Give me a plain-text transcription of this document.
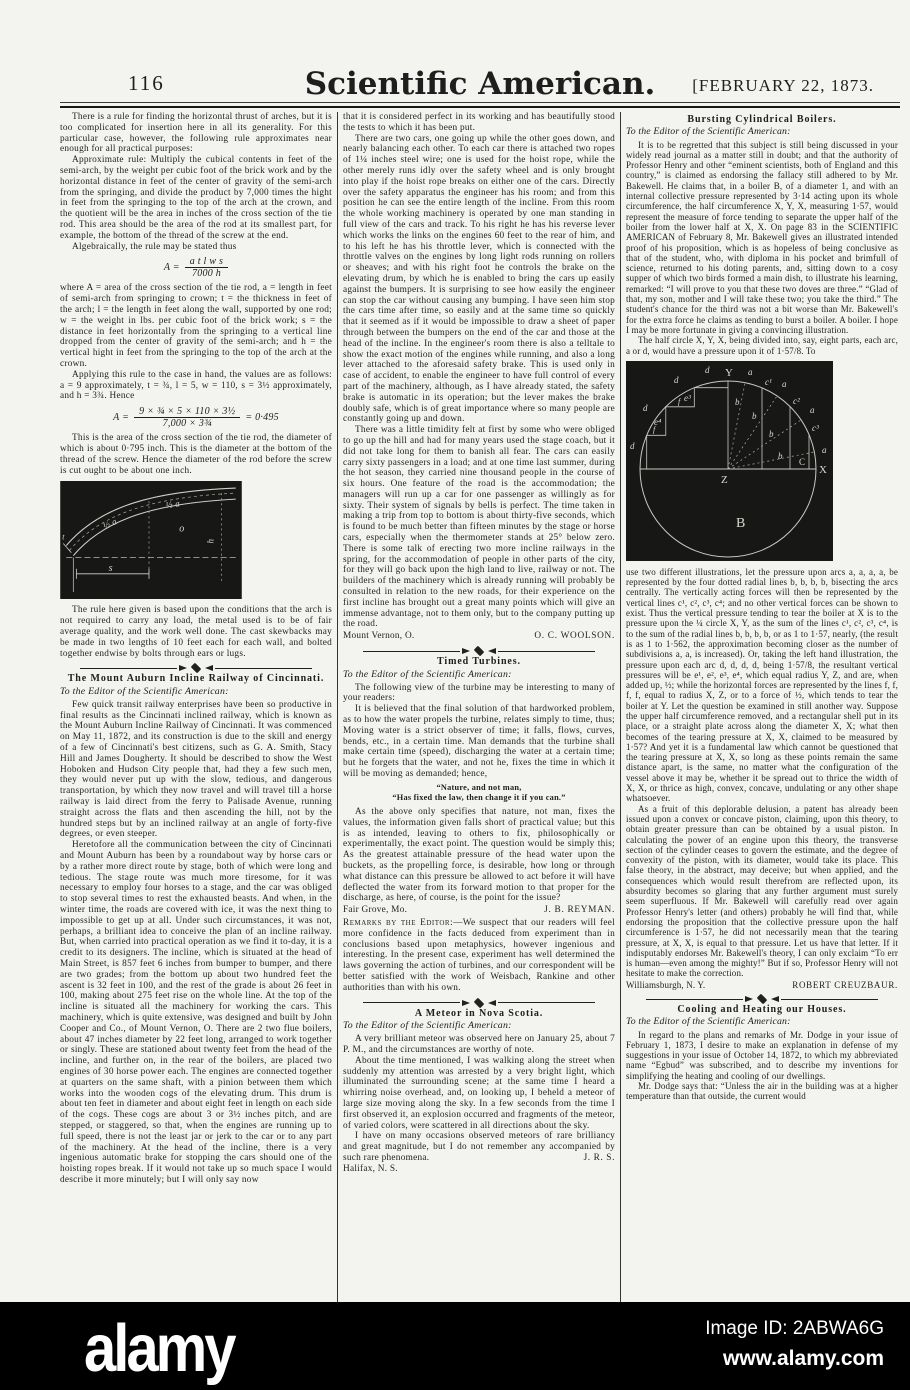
116	Scientific American.	[FEBRUARY 22, 1873.

There is a rule for finding the horizontal thrust of arches, but it is too complicated for insertion here in all its generality. For this particular case, however, the following rule approximates near enough for all practical purposes:

Approximate rule: Multiply the cubical contents in feet of the semi-arch, by the weight per cubic foot of the brick work and by the horizontal distance in feet of the center of gravity of the semi-arch from the springing, and divide the product by 7,000 times the hight in feet from the springing to the top of the arch at the crown, and the quotient will be the area in inches of the cross section of the tie rod. This area should be the area of the rod at its smallest part, for example, the bottom of the thread of the screw at the end.

Algebraically, the rule may be stated thus

$A = \frac{\text{a t l w s}}{7000 h}$

where A = area of the cross section of the tie rod, a = length in feet of semi-arch from springing to crown; t = the thickness in feet of the arch; l = the length in feet along the wall, supported by one rod; w = the weight in lbs. per cubic foot of the brick work; s = the distance in feet horizontally from the springing to a vertical line dropped from the center of gravity of the semi-arch; and h = the vertical hight in feet from the springing to the top of the arch at the crown.

Applying this rule to the case in hand, the values are as follows: a = 9 approximately, t = ¾, l = 5, w = 110, s = 3½ approximately, and h = 3¾. Hence

$A = \frac{\text{9 × ¾ × 5 × 110 × 3½}}{\text{7,000 × 3¾}} = 0\cdot 495$

This is the area of the cross section of the tie rod, the diameter of which is about 0·795 inch. This is the diameter at the bottom of the thread of the screw. Hence the diameter of the rod before the screw is cut ought to be about one inch.

½ a
½ a
o
h
s
t

The rule here given is based upon the conditions that the arch is not required to carry any load, the metal used is to be of fair average quality, and the work well done. The cast skewbacks may be made in two lengths of 10 feet each for each wall, and bolted together endwise by bolts through ears or lugs.

The Mount Auburn Incline Railway of Cincinnati.
To the Editor of the Scientific American:

Few quick transit railway enterprises have been so productive in final results as the Cincinnati inclined railway, which is known as the Mount Auburn Incline Railway of Cincinnati. It was commenced on May 11, 1872, and its construction is due to the skill and energy of a few of Cincinnati's best citizens, such as G. A. Smith, Stacy Hill and James Dougherty. It should be described to show the West Hoboken and Hudson City people that, had they a few such men, they would never put up with the slow, tedious, and dangerous transportation, by which they now travel and will travel till a horse railway is laid direct from the ferry to Palisade Avenue, running straight across the flats and then ascending the hill, not by the hundred steps but by an inclined railway at an angle of forty-five degrees, or even steeper.

Heretofore all the communication between the city of Cincinnati and Mount Auburn has been by a roundabout way by horse cars or by a rather more direct route by stage, both of which were long and tedious. The stage route was much more tiresome, for it was necessary to employ four horses to a stage, and the car was obliged to stop several times to rest the exhausted beasts. And when, in the winter time, the roads are covered with ice, it was the next thing to impossible to get up at all. Under such circumstances, it was not, perhaps, a brilliant idea to conceive the plan of an incline railway. But, when carried into practical operation as we find it to-day, it is a credit to its designers. The incline, which is situated at the head of Main Street, is 857 feet 6 inches from bumper to bumper, and there are two grades; from the bottom up about two hundred feet the ascent is 32 feet in 100, and the rest of the grade is about 26 feet in 100, making about 275 feet rise on the whole line. At the top of the incline is situated all the machinery for working the cars. This machinery, which is quite extensive, was designed and built by John Cooper and Co., of Mount Vernon, O. There are 2 two flue boilers, about 47 inches diameter by 22 feet long, arranged to work together or singly. These are stationed about twenty feet from the head of the incline, and further on, in the rear of the boilers, are placed two engines of 30 horse power each. The engines are connected together at quarters on the same shaft, with a pinion between them which works into the wooden cogs of the elevating drum. This drum is about ten feet in diameter and about eight feet in length on each side of the cogs. These cogs are about 3 or 3½ inches pitch, and are stepped, or staggered, so that, when the engines are running up to full speed, there is not the least jar or jerk to the car or to any part of the machinery. At the head of the incline, there is a very ingenious automatic brake for stopping the cars should one of the hoisting ropes break. If it would not take up so much space I would describe it more minutely; but I will only say now

that it is considered perfect in its working and has beautifully stood the tests to which it has been put.

There are two cars, one going up while the other goes down, and nearly balancing each other. To each car there is attached two ropes of 1¼ inches steel wire; one is used for the hoist rope, while the other merely runs idly over the safety wheel and is only brought into play if the hoist rope breaks on either one of the cars. Directly over the safety apparatus the engineer has his room; and from this position he can see the entire length of the incline. From this room the whole working machinery is operated by one man standing in full view of the cars and track. To his right he has his reverse lever which works the links on the engines 60 feet to the rear of him, and to his left he has his throttle lever, which is connected with the throttle valves on the engines by long light rods running on rollers or sheaves; and with his right foot he controls the brake on the elevating drum, by which he is enabled to bring the cars up easily against the bumpers. It is surprising to see how easily the engineer can stop the car without causing any bumping. I have seen him stop the cars time after time, so easily and at the same time so quickly that it seemed as if it would be impossible to draw a sheet of paper through between the bumpers on the end of the car and those at the head of the incline. In the engineer's room there is also a telltale to show the exact motion of the engines while running, and also a long lever attached to the aforesaid safety brake. This is used only in case of accident, to enable the engineer to have full control of every part of the machinery, although, as I have already stated, the safety brake is automatic in its operation; but the lever makes the brake doubly safe, which is of great importance where so many people are constantly going up and down.

There was a little timidity felt at first by some who were obliged to go up the hill and had for many years used the stage coach, but it did not take long for them to banish all fear. The cars can easily carry sixty passengers in a load; and at one time last summer, during the hot season, they carried nine thousand people in the course of six hours. One feature of the road is the accommodation; the managers will run up a car for one passenger as willingly as for sixty. Their system of signals by bells is perfect. The time taken in making a trip from top to bottom is about thirty-five seconds, which is found to be much better than fifteen minutes by the stage or horse cars, especially when the thermometer stands at 25° below zero. There is some talk of erecting two more incline railways in the spring, for the accommodation of people in other parts of the city, for they will go back upon the high land to live, railway or not. The builders of the machinery which is already running will probably be consulted in relation to the new roads, for their experience on the first incline has brought out a great many points which will give an immense advantage, not to them only, but to the company putting up the road.

Mount Vernon, O.	O. C. WOOLSON.
Timed Turbines.
To the Editor of the Scientific American:

The following view of the turbine may be interesting to many of your readers:

It is believed that the final solution of that hardworked problem, as to how the water propels the turbine, relates simply to time, thus; Moving water is a strict observer of time; it falls, flows, curves, bends, etc., in a certain time. Man demands that the turbine shall make certain time (speed), discharging the water at a certain time; but he forgets that the water, and not he, fixes the time in which it will be moving as demanded; hence,

“Nature, and not man,
“Has fixed the law, then change it if you can.”

As the above only specifies that nature, not man, fixes the values, the information given falls short of practical value; but this is as intended, leaving to others to fix, philosophically or experimentally, the exact point. The question would be simply this; As the greatest attainable pressure of the head water upon the buckets, as the propelling force, is desirable, how long or through what distance can this pressure be allowed to act before it will have deflected the water from its forward motion to that proper for the discharge, as here, of course, is the point for the issue?

Fair Grove, Mo.	J. B. REYMAN.

Remarks by the Editor:—We suspect that our readers will feel more confidence in the facts deduced from experiment than in conclusions based upon metaphysics, however ingenious and interesting. In the present case, experiment has well determined the laws governing the action of turbines, and our correspondent will be better satisfied with the work of Weisbach, Rankine and other authorities than with his own.

A Meteor in Nova Scotia.
To the Editor of the Scientific American:

A very brilliant meteor was observed here on January 25, about 7 P. M., and the circumstances are worthy of note.

About the time mentioned, I was walking along the street when suddenly my attention was arrested by a very bright light, which illuminated the surrounding scene; at the same time I heard a whirring noise overhead, and, on looking up, I beheld a meteor of large size moving along the sky. In a few seconds from the time I first observed it, an explosion occurred and fragments of the meteor, of varied colors, were scattered in all directions about the sky.

I have on many occasions observed meteors of rare brilliancy and great magnitude, but I do not remember any accompanied by such rare phenomena.	J. R. S.

Halifax, N. S.

Bursting Cylindrical Boilers.
To the Editor of the Scientific American:

It is to be regretted that this subject is still being discussed in your widely read journal as a matter still in doubt; and that the authority of Professor Henry and other “eminent scientists, both of England and this country,” is claimed as endorsing the fallacy still adhered to by Mr. Bakewell. He claims that, in a boiler B, of a diameter 1, and with an internal collective pressure represented by 3·14 acting upon its whole circumference, the half circumference X, Y, X, measuring 1·57, would represent the measure of force tending to separate the upper half of the boiler from the lower half at X, X. On page 83 in the SCIENTIFIC AMERICAN of February 8, Mr. Bakewell gives an illustrated intended proof of his proposition, which is as hopeless of being conclusive as that of the student, who, with diploma in his pocket and brimfull of science, returned to his doting parents, and, sitting down to a cosy supper of which two birds formed a main dish, to illustrate his learning, remarked: “I will prove to you that these two doves are three.” “Glad of that, my son, mother and I will take these two; you take the third.” The student's chance for the third was not a bit worse than Mr. Bakewell's for the extra force he claims as tending to burst a boiler. A boiler. I hope I may be more fortunate in giving a convincing illustration.

The half circle X, Y, X, being divided into, say, eight parts, each arc, a or d, would have a pressure upon it of 1·57/8. To

Y
X
Z
B
a
a
a
a
d
d
d
d
b
b
b
b
c¹
c²
c³
C
e³
e⁴
f
f

use two different illustrations, let the pressure upon arcs a, a, a, a, be represented by the four dotted radial lines b, b, b, b, bisecting the arcs centrally. The vertically acting forces will then be represented by the vertical lines c¹, c², c³, c⁴; and no other vertical forces can be shown to exist. Thus the vertical pressure tending to tear the boiler at X is to the pressure upon the ¼ circle X, Y, as the sum of the lines c¹, c², c³, c⁴, is to the sum of the radial lines b, b, b, b, or as 1 to 1·57, nearly, (the result is as 1 to 1·562, the approximation becoming closer as the number of subdivisions a, a, is increased). Or, taking the left hand illustration, the pressure upon each arc d, d, d, d, being 1·57/8, the resultant vertical pressures will be e¹, e², e³, e⁴, which equal radius Y, Z, and are, when added up, ½; while the horizontal forces are represented by the lines f, f, f, f, equal to radius X, Z, or to a force of ½, which tends to tear the boiler at Y. Let the question be examined in still another way. Suppose the upper half circumference removed, and a rectangular shell put in its place, or a straight plate across along the diameter X, X; what then becomes of the tearing pressure at X, X, claimed to be measured by 1·57? And yet it is a fundamental law which cannot be questioned that the tearing pressure at X, X, so long as these points remain the same distance apart, is the same, no matter what the configuration of the vessel above it may be, whether it be spread out to thrice the width of X, X, or thrice as high, convex, concave, undulating or any other shape whatsoever.

As a fruit of this deplorable delusion, a patent has already been issued upon a convex or concave piston, claiming, upon this theory, to obtain greater pressure than can be obtained by a usual piston. In calculating the power of an engine upon this theory, the transverse section of the cylinder ceases to govern the estimate, and the degree of convexity of the piston, with its diameter, would take its place. This false theory, in the abstract, may deceive; but when applied, and the consequences which would result therefrom are reflected upon, its absurdity becomes so glaring that any further argument must surely seem superfluous. If Mr. Bakewell will carefully read over again Professor Henry's letter (and others) probably he will find that, while endorsing the proposition that the collective pressure upon the half circumference is 1·57, he did not necessarily mean that the tearing pressure, at X, X, is equal to that pressure. Let us have that letter. If it indisputably endorses Mr. Bakewell's theory, I can only exclaim “To err is human—even among the mighty!” But if so, Professor Henry will not hesitate to make the correction.

Williamsburgh, N. Y.	ROBERT CREUZBAUR.
Cooling and Heating our Houses.
To the Editor of the Scientific American:

In regard to the plans and remarks of Mr. Dodge in your issue of February 1, 1873, I desire to make an explanation in defense of my suggestions in your issue of October 14, 1872, to which my abbreviated name “Egbud” was subscribed, and to describe my inventions for simplifying the heating and cooling of our dwellings.

Mr. Dodge says that: “Unless the air in the building was at a higher temperature than that outside, the current would

alamy	Image ID: 2ABWA6G
www.alamy.com
